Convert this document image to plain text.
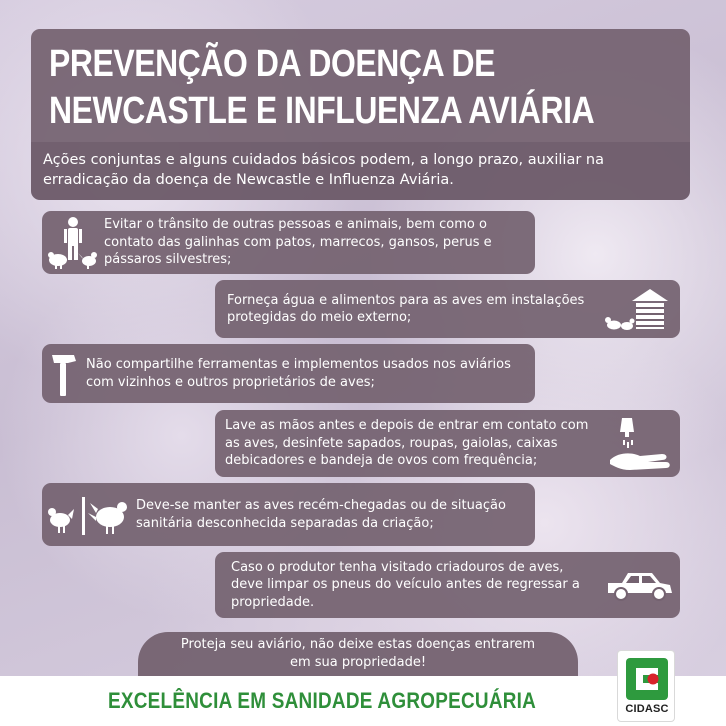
PREVENÇÃO DA DOENÇA DE
NEWCASTLE E INFLUENZA AVIÁRIA

Ações conjuntas e alguns cuidados básicos podem, a longo prazo, auxiliar na erradicação da doença de Newcastle e Influenza Aviária.

Evitar o trânsito de outras pessoas e animais, bem como o contato das galinhas com patos, marrecos, gansos, perus e pássaros silvestres;
Forneça água e alimentos para as aves em instalações protegidas do meio externo;
Não compartilhe ferramentas e implementos usados nos aviários com vizinhos e outros proprietários de aves;
Lave as mãos antes e depois de entrar em contato com as aves, desinfete sapados, roupas, gaiolas, caixas debicadores e bandeja de ovos com frequência;
Deve-se manter as aves recém-chegadas ou de situação sanitária desconhecida separadas da criação;
Caso o produtor tenha visitado criadouros de aves, deve limpar os pneus do veículo antes de regressar a propriedade.
Proteja seu aviário, não deixe estas doenças entrarem
em sua propriedade!
EXCELÊNCIA EM SANIDADE AGROPECUÁRIA	CIDASC
